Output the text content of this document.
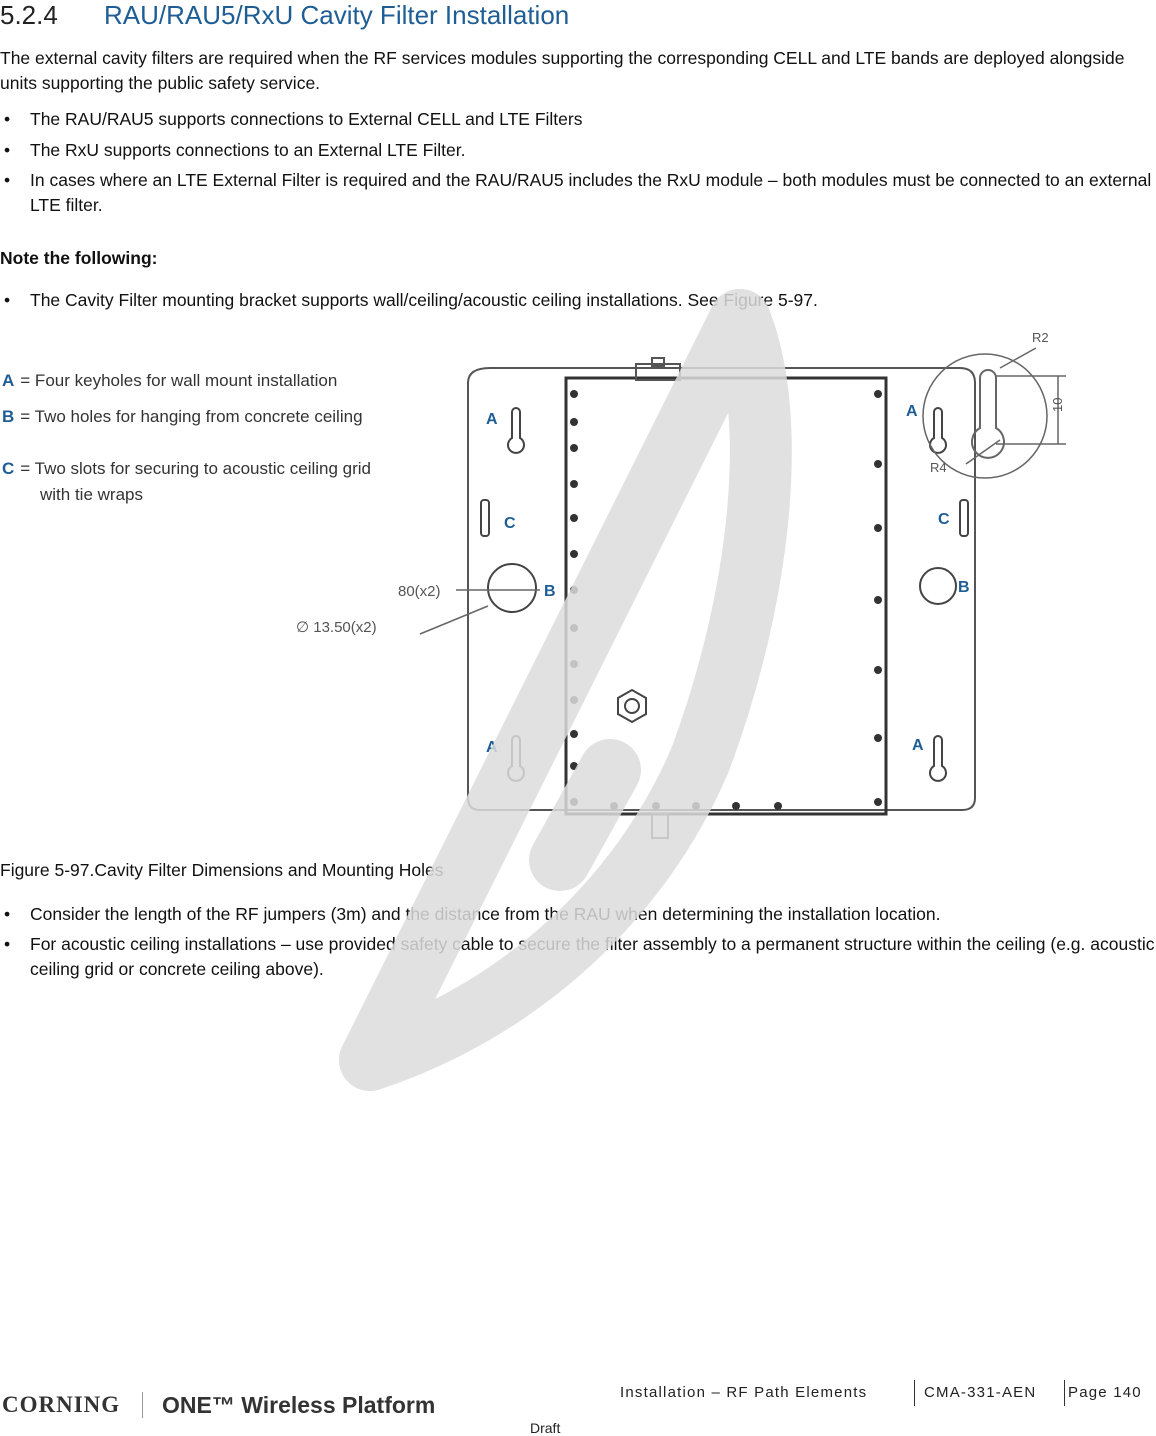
5.2.4 RAU/RAU5/RxU Cavity Filter Installation

The external cavity filters are required when the RF services modules supporting the corresponding CELL and LTE bands are deployed alongside units supporting the public safety service.

• The RAU/RAU5 supports connections to External CELL and LTE Filters
• The RxU supports connections to an External LTE Filter.
• In cases where an LTE External Filter is required and the RAU/RAU5 includes the RxU module – both modules must be connected to an external LTE filter.
Note the following:
• The Cavity Filter mounting bracket supports wall/ceiling/acoustic ceiling installations. See Figure 5-97.
A = Four keyholes for wall mount installation
B = Two holes for hanging from concrete ceiling
C = Two slots for securing to acoustic ceiling grid
with tie wraps
A	A
A	A
C	C
B	B
R2
R4
10
80(x2)
∅ 13.50(x2)
Figure 5-97.Cavity Filter Dimensions and Mounting Holes
• Consider the length of the RF jumpers (3m) and the distance from the RAU when determining the installation location.
• For acoustic ceiling installations – use provided safety cable to secure the filter assembly to a permanent structure within the ceiling (e.g. acoustic ceiling grid or concrete ceiling above).
CORNING ONE™ Wireless Platform	Installation – RF Path Elements	CMA-331-AEN Page 140
Draft
